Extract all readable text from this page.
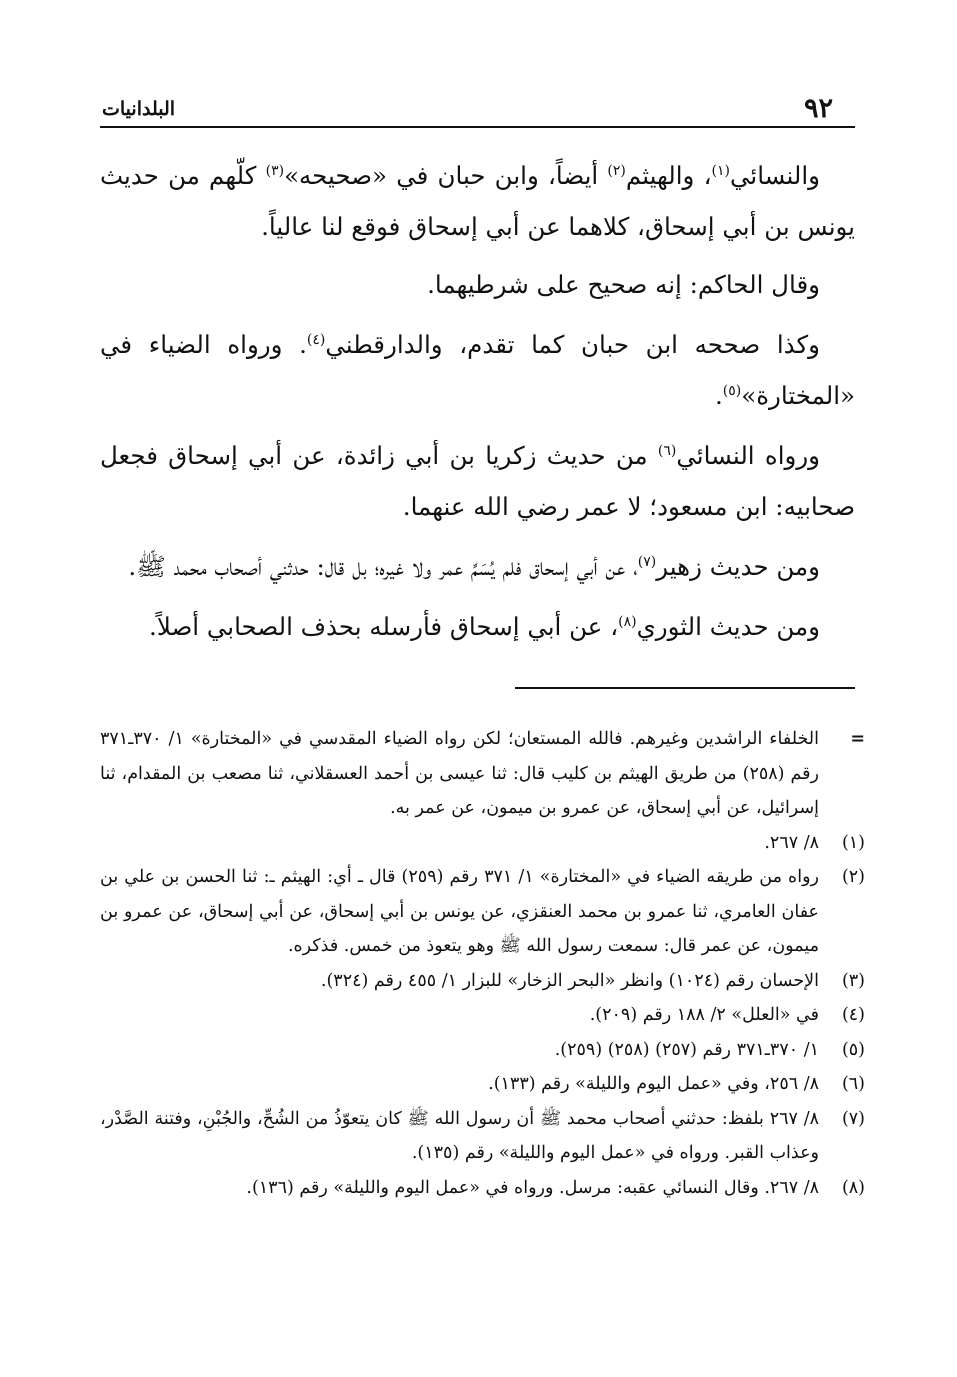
٩٢
البلدانيات

والنسائي$^{(١)}$، والهيثم$^{(٢)}$ أيضاً، وابن حبان في «صحيحه»$^{(٣)}$ كلّهم من حديث يونس بن أبي إسحاق، كلاهما عن أبي إسحاق فوقع لنا عالياً.

وقال الحاكم: إنه صحيح على شرطيهما.

وكذا صححه ابن حبان كما تقدم، والدارقطني$^{(٤)}$. ورواه الضياء في «المختارة»$^{(٥)}$.

ورواه النسائي$^{(٦)}$ من حديث زكريا بن أبي زائدة، عن أبي إسحاق فجعل صحابيه: ابن مسعود؛ لا عمر رضي الله عنهما.

ومن حديث زهير$^{(٧)}$، عن أبي إسحاق فلم يُسَمِّ عمر ولا غيره؛ بل قال: حدثني أصحاب محمد ﷺ.

ومن حديث الثوري$^{(٨)}$، عن أبي إسحاق فأرسله بحذف الصحابي أصلاً.

=
الخلفاء الراشدين وغيرهم. فالله المستعان؛ لكن رواه الضياء المقدسي في «المختارة» ١/ ٣٧٠ـ٣٧١ رقم (٢٥٨) من طريق الهيثم بن كليب قال: ثنا عيسى بن أحمد العسقلاني، ثنا مصعب بن المقدام، ثنا إسرائيل، عن أبي إسحاق، عن عمرو بن ميمون، عن عمر به.
(١)
٨/ ٢٦٧.
(٢)
رواه من طريقه الضياء في «المختارة» ١/ ٣٧١ رقم (٢٥٩) قال ـ أي: الهيثم ـ: ثنا الحسن بن علي بن عفان العامري، ثنا عمرو بن محمد العنقزي، عن يونس بن أبي إسحاق، عن أبي إسحاق، عن عمرو بن ميمون، عن عمر قال: سمعت رسول الله ﷺ وهو يتعوذ من خمس. فذكره.
(٣)
الإحسان رقم (١٠٢٤) وانظر «البحر الزخار» للبزار ١/ ٤٥٥ رقم (٣٢٤).
(٤)
في «العلل» ٢/ ١٨٨ رقم (٢٠٩).
(٥)
١/ ٣٧٠ـ٣٧١ رقم (٢٥٧) (٢٥٨) (٢٥٩).
(٦)
٨/ ٢٥٦، وفي «عمل اليوم والليلة» رقم (١٣٣).
(٧)
٨/ ٢٦٧ بلفظ: حدثني أصحاب محمد ﷺ أن رسول الله ﷺ كان يتعوّذُ من الشُحِّ، والجُبْنِ، وفتنة الصَّدْر، وعذاب القبر. ورواه في «عمل اليوم والليلة» رقم (١٣٥).
(٨)
٨/ ٢٦٧. وقال النسائي عقبه: مرسل. ورواه في «عمل اليوم والليلة» رقم (١٣٦).
